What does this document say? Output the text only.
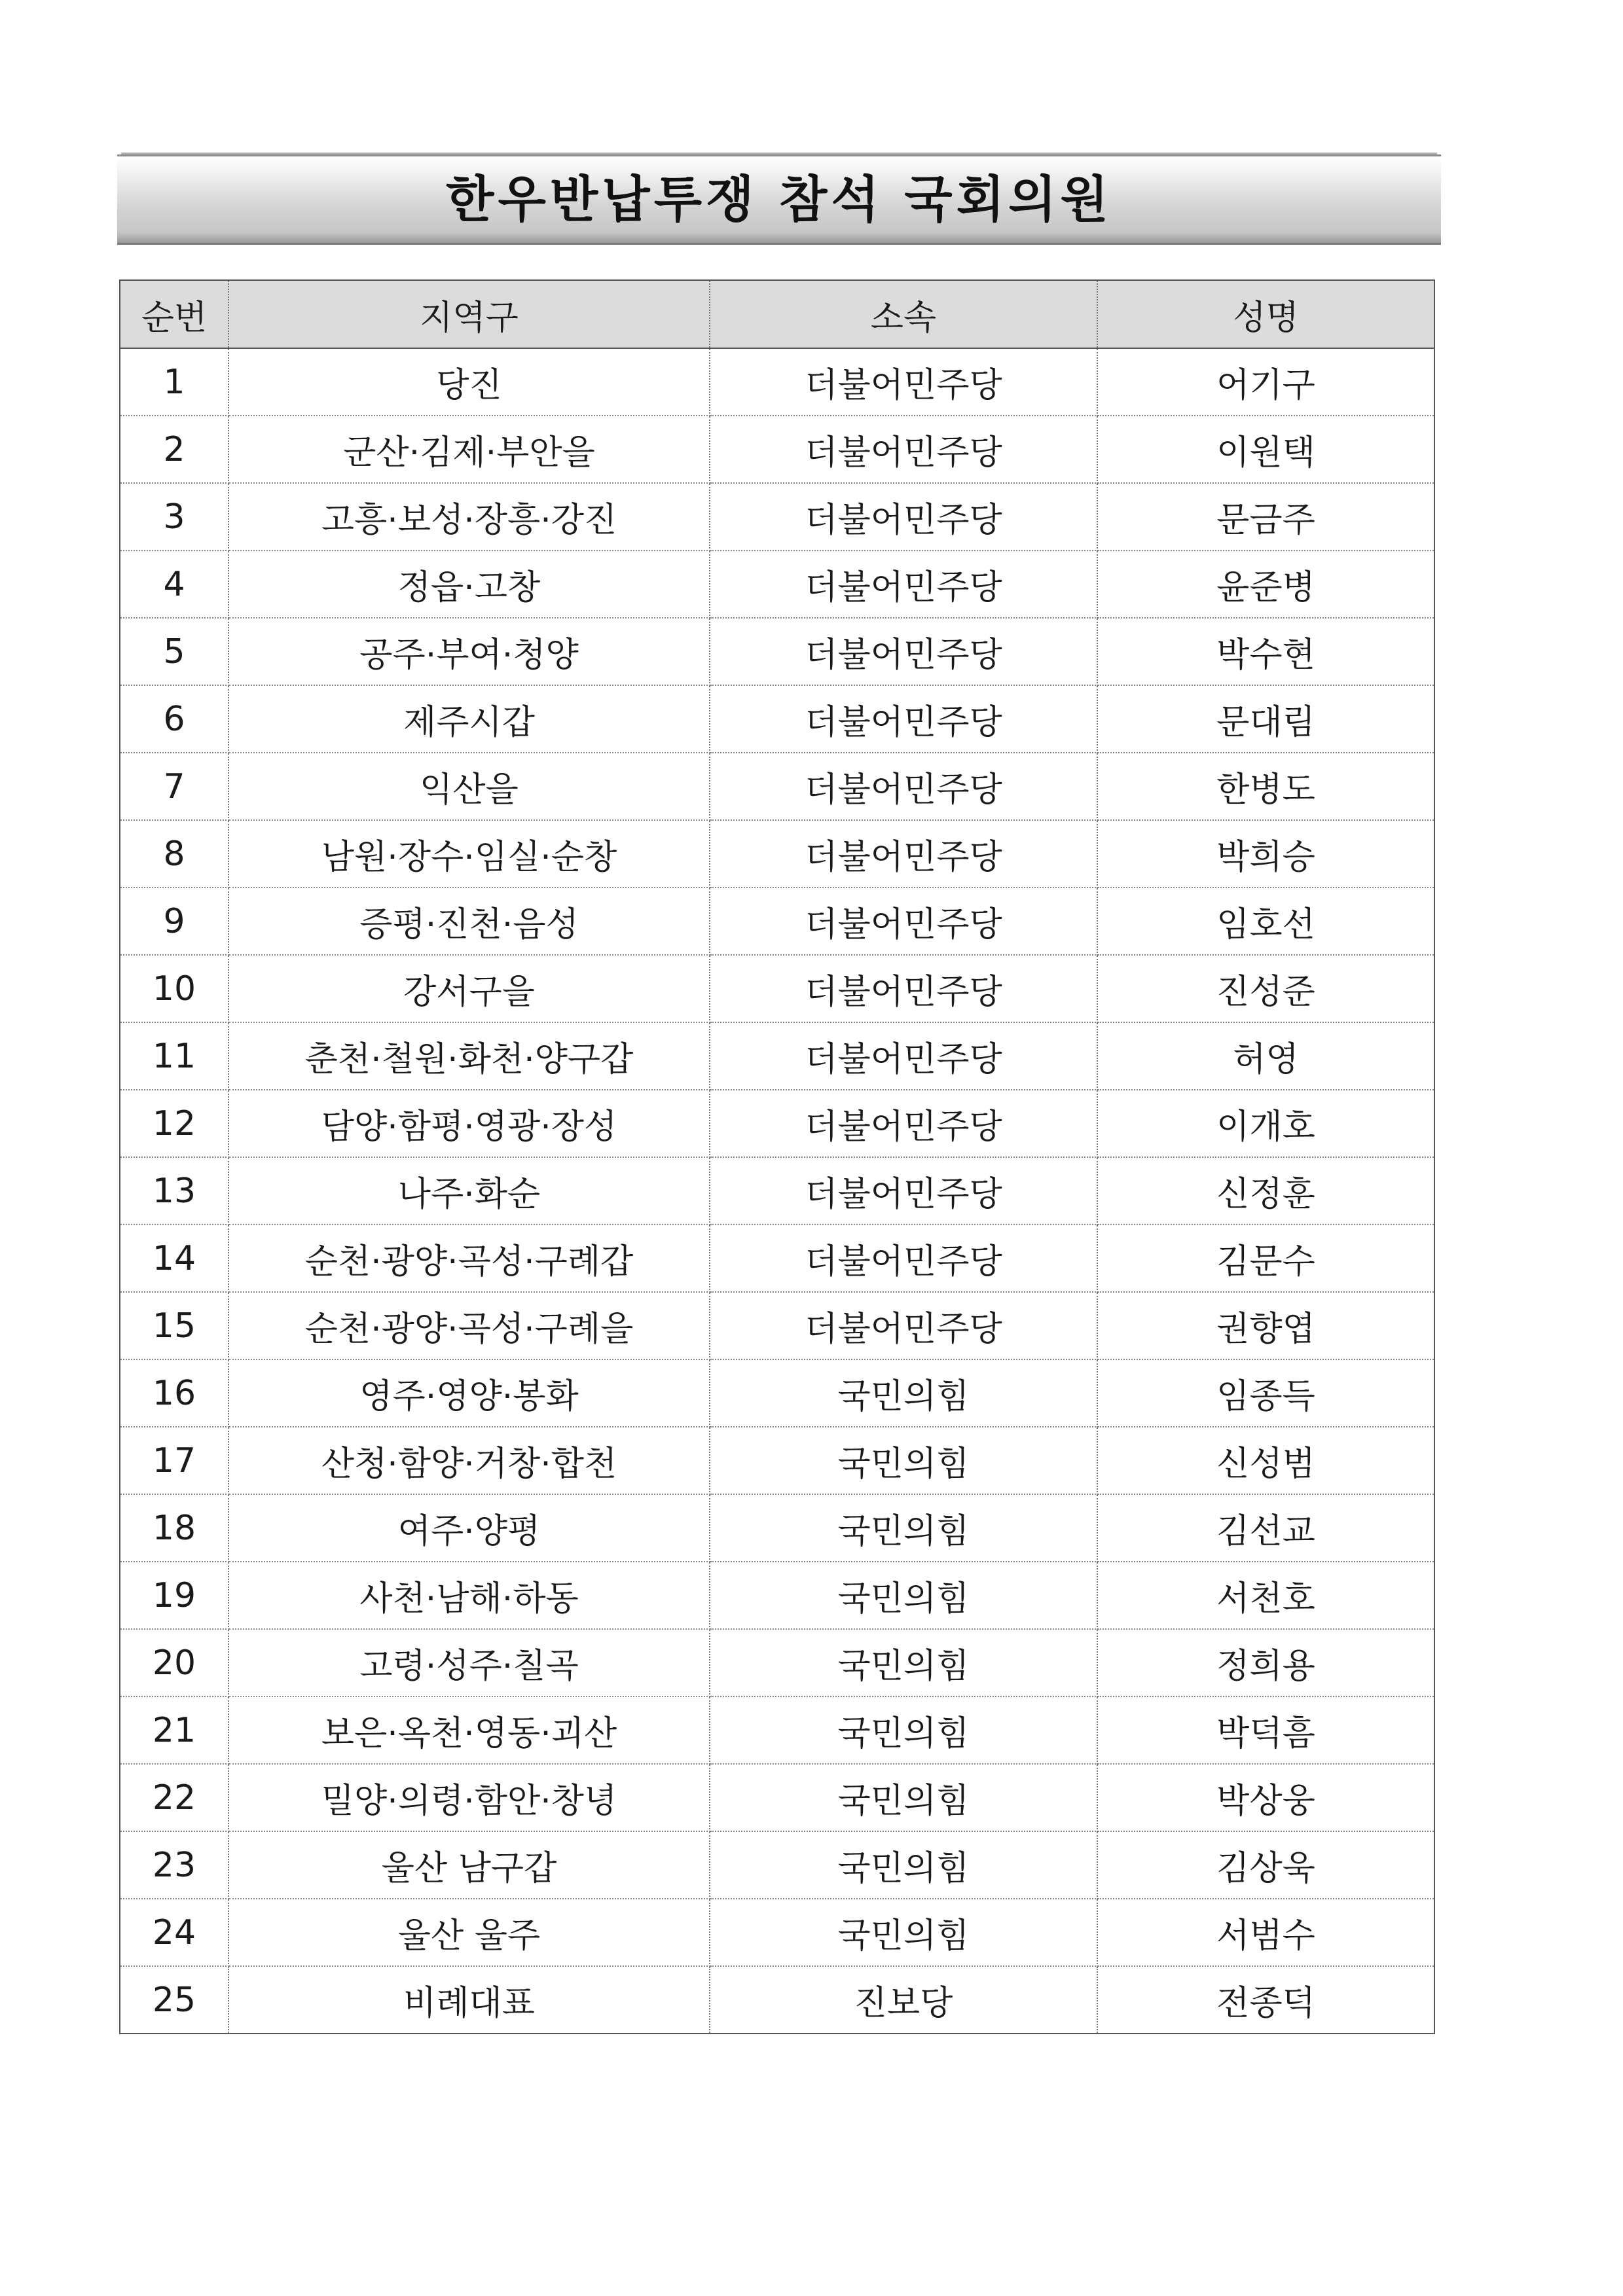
한우반납투쟁 참석 국회의원
순번	지역구	소속	성명
1	당진	더불어민주당	어기구
2	군산·김제·부안을	더불어민주당	이원택
3	고흥·보성·장흥·강진	더불어민주당	문금주
4	정읍·고창	더불어민주당	윤준병
5	공주·부여·청양	더불어민주당	박수현
6	제주시갑	더불어민주당	문대림
7	익산을	더불어민주당	한병도
8	남원·장수·임실·순창	더불어민주당	박희승
9	증평·진천·음성	더불어민주당	임호선
10	강서구을	더불어민주당	진성준
11	춘천·철원·화천·양구갑	더불어민주당	허영
12	담양·함평·영광·장성	더불어민주당	이개호
13	나주·화순	더불어민주당	신정훈
14	순천·광양·곡성·구례갑	더불어민주당	김문수
15	순천·광양·곡성·구례을	더불어민주당	권향엽
16	영주·영양·봉화	국민의힘	임종득
17	산청·함양·거창·합천	국민의힘	신성범
18	여주·양평	국민의힘	김선교
19	사천·남해·하동	국민의힘	서천호
20	고령·성주·칠곡	국민의힘	정희용
21	보은·옥천·영동·괴산	국민의힘	박덕흠
22	밀양·의령·함안·창녕	국민의힘	박상웅
23	울산 남구갑	국민의힘	김상욱
24	울산 울주	국민의힘	서범수
25	비례대표	진보당	전종덕
